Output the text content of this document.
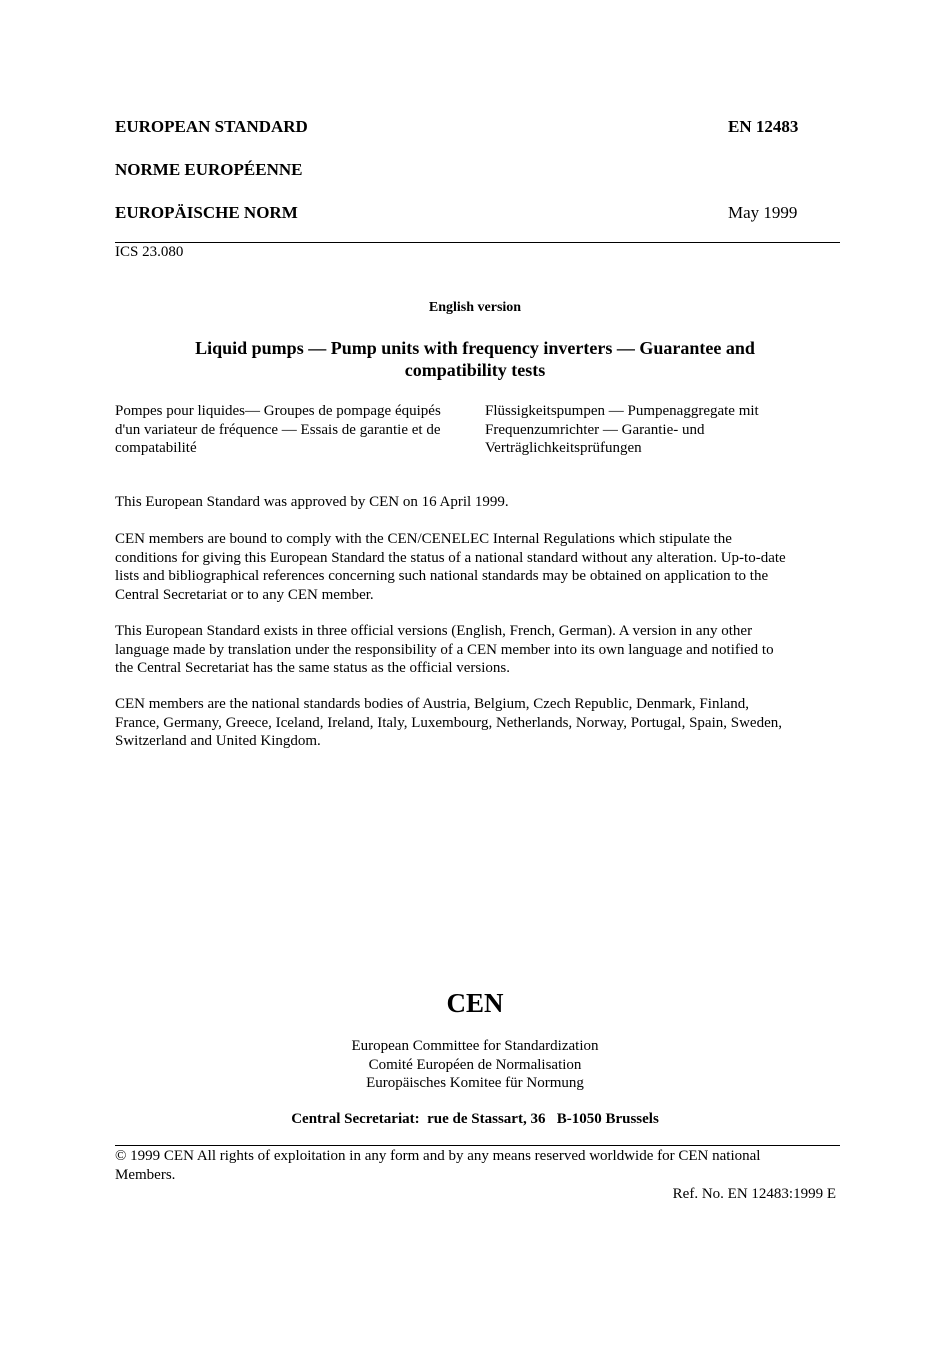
EUROPEAN STANDARD	EN 12483
NORME EUROPÉENNE
EUROPÄISCHE NORM	May 1999
ICS 23.080
English version
Liquid pumps — Pump units with frequency inverters — Guarantee and
compatibility tests
Pompes pour liquides— Groupes de pompage équipés
d'un variateur de fréquence — Essais de garantie et de
compatabilité
Flüssigkeitspumpen — Pumpenaggregate mit
Frequenzumrichter — Garantie- und
Verträglichkeitsprüfungen
This European Standard was approved by CEN on 16 April 1999.
CEN members are bound to comply with the CEN/CENELEC Internal Regulations which stipulate the
conditions for giving this European Standard the status of a national standard without any alteration. Up-to-date
lists and bibliographical references concerning such national standards may be obtained on application to the
Central Secretariat or to any CEN member.
This European Standard exists in three official versions (English, French, German). A version in any other
language made by translation under the responsibility of a CEN member into its own language and notified to
the Central Secretariat has the same status as the official versions.
CEN members are the national standards bodies of Austria, Belgium, Czech Republic, Denmark, Finland,
France, Germany, Greece, Iceland, Ireland, Italy, Luxembourg, Netherlands, Norway, Portugal, Spain, Sweden,
Switzerland and United Kingdom.
CEN
European Committee for Standardization
Comité Européen de Normalisation
Europäisches Komitee für Normung
Central Secretariat:  rue de Stassart, 36   B-1050 Brussels
© 1999 CEN All rights of exploitation in any form and by any means reserved worldwide for CEN national
Members.
Ref. No. EN 12483:1999 E
